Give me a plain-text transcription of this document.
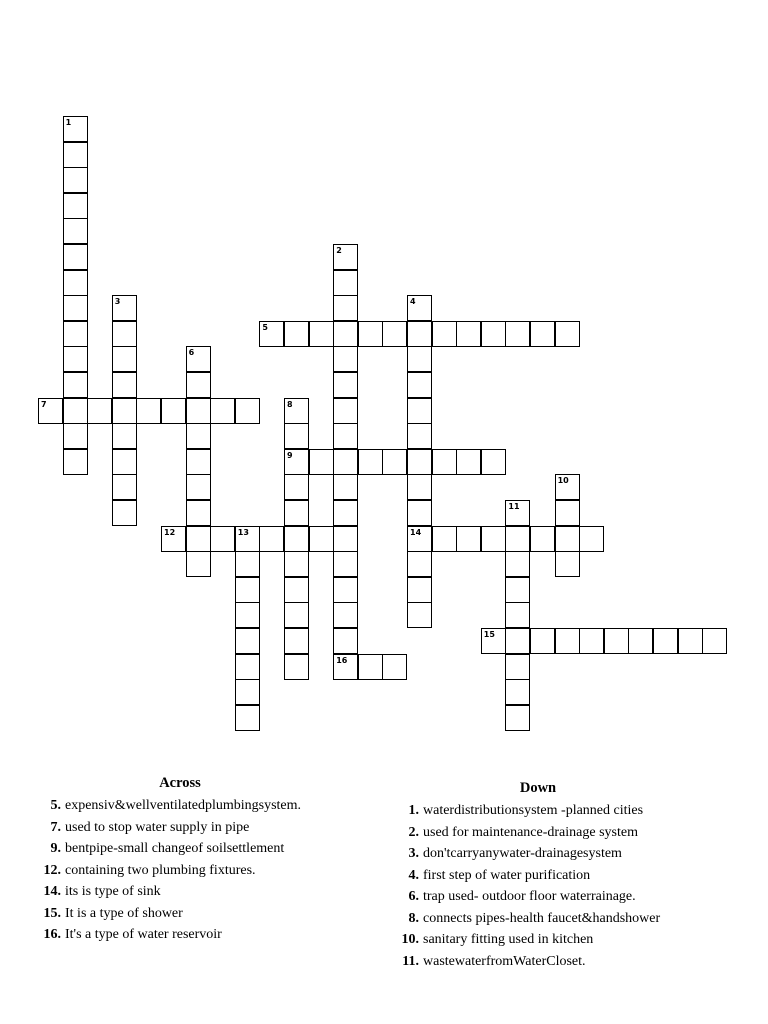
5
7
9
12	13	14
15
16
1
2
3	4
6
8
10
11
Across
5. expensiv&wellventilatedplumbingsystem.
7. used to stop water supply in pipe
9. bentpipe-small changeof soilsettlement
12. containing two plumbing fixtures.
14. its is type of sink
15. It is a type of shower
16. It's a type of water reservoir
Down
1. waterdistributionsystem -planned cities
2. used for maintenance-drainage system
3. don'tcarryanywater-drainagesystem
4. first step of water purification
6. trap used- outdoor floor waterrainage.
8. connects pipes-health faucet&handshower
10. sanitary fitting used in kitchen
11. wastewaterfromWaterCloset.
